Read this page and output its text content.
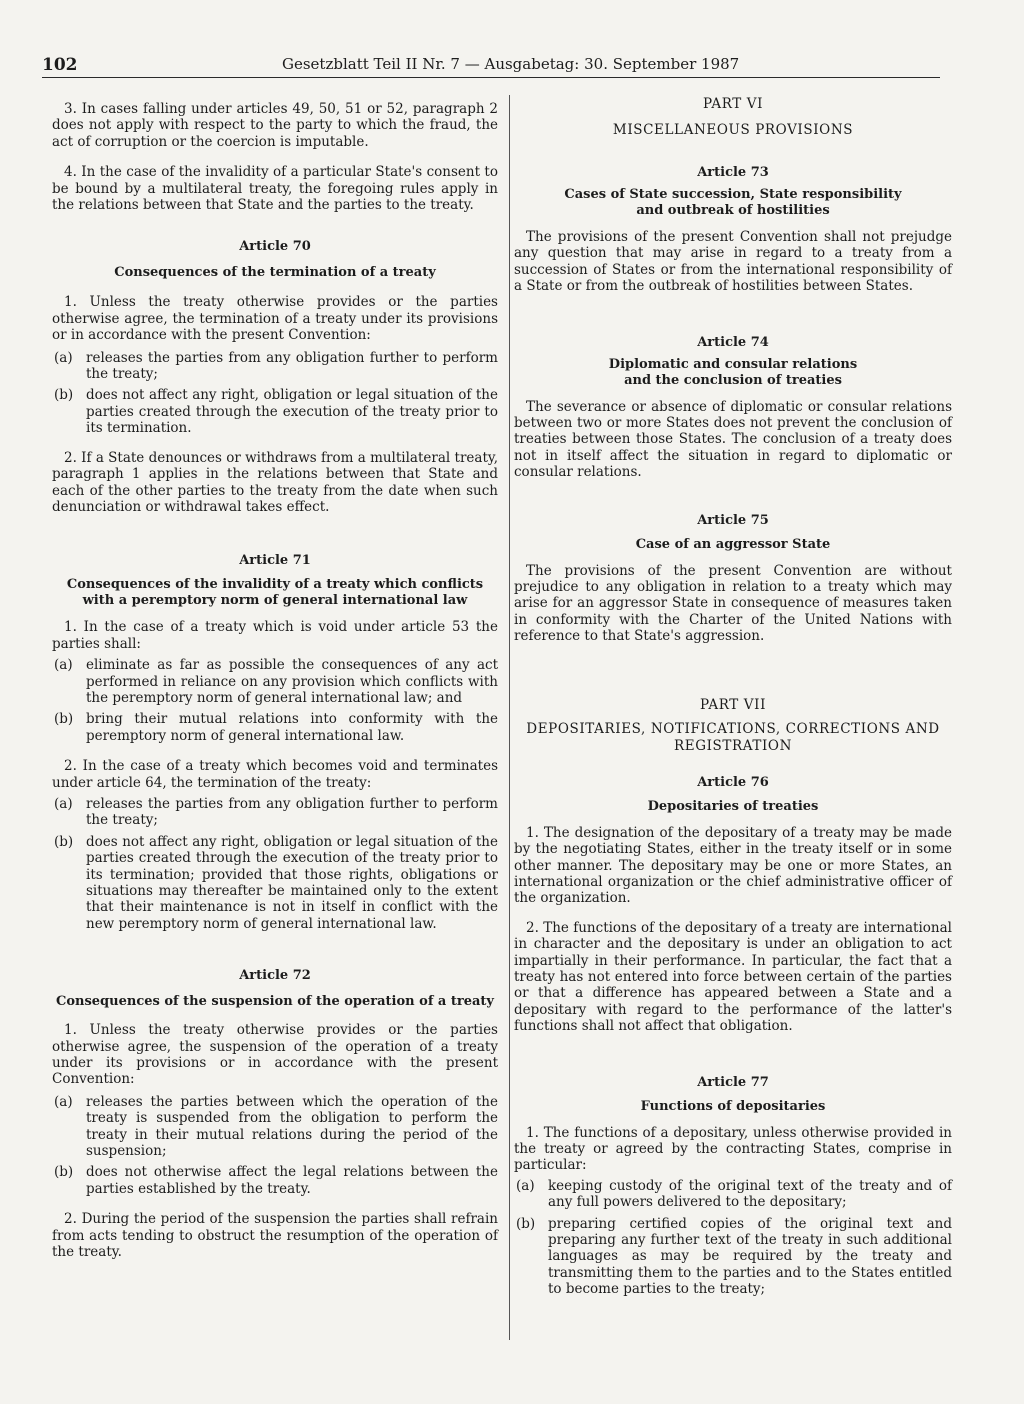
102	Gesetzblatt Teil II Nr. 7 — Ausgabetag: 30. September 1987

3. In cases falling under articles 49, 50, 51 or 52, paragraph 2 does not apply with respect to the party to which the fraud, the act of corruption or the coercion is imputable.

4. In the case of the invalidity of a particular State's consent to be bound by a multilateral treaty, the foregoing rules apply in the relations between that State and the parties to the treaty.

Article 70
Consequences of the termination of a treaty

1. Unless the treaty otherwise provides or the parties otherwise agree, the termination of a treaty under its provisions or in accordance with the present Convention:

(a) releases the parties from any obligation further to perform the treaty;

(b) does not affect any right, obligation or legal situation of the parties created through the execution of the treaty prior to its termination.

2. If a State denounces or withdraws from a multilateral treaty, paragraph 1 applies in the relations between that State and each of the other parties to the treaty from the date when such denunciation or withdrawal takes effect.

Article 71
Consequences of the invalidity of a treaty which conflicts
with a peremptory norm of general international law

1. In the case of a treaty which is void under article 53 the parties shall:

(a) eliminate as far as possible the consequences of any act performed in reliance on any provision which conflicts with the peremptory norm of general international law; and

(b) bring their mutual relations into conformity with the peremptory norm of general international law.

2. In the case of a treaty which becomes void and terminates under article 64, the termination of the treaty:

(a) releases the parties from any obligation further to perform the treaty;

(b) does not affect any right, obligation or legal situation of the parties created through the execution of the treaty prior to its termination; provided that those rights, obligations or situations may thereafter be maintained only to the extent that their maintenance is not in itself in conflict with the new peremptory norm of general international law.

Article 72
Consequences of the suspension of the operation of a treaty

1. Unless the treaty otherwise provides or the parties otherwise agree, the suspension of the operation of a treaty under its provisions or in accordance with the present Convention:

(a) releases the parties between which the operation of the treaty is suspended from the obligation to perform the treaty in their mutual relations during the period of the suspension;

(b) does not otherwise affect the legal relations between the parties established by the treaty.

2. During the period of the suspension the parties shall refrain from acts tending to obstruct the resumption of the operation of the treaty.

PART VI
MISCELLANEOUS PROVISIONS
Article 73
Cases of State succession, State responsibility
and outbreak of hostilities

The provisions of the present Convention shall not prejudge any question that may arise in regard to a treaty from a succession of States or from the international responsibility of a State or from the outbreak of hostilities between States.

Article 74
Diplomatic and consular relations
and the conclusion of treaties

The severance or absence of diplomatic or consular relations between two or more States does not prevent the conclusion of treaties between those States. The conclusion of a treaty does not in itself affect the situation in regard to diplomatic or consular relations.

Article 75
Case of an aggressor State

The provisions of the present Convention are without prejudice to any obligation in relation to a treaty which may arise for an aggressor State in consequence of measures taken in conformity with the Charter of the United Nations with reference to that State's aggression.

PART VII
DEPOSITARIES, NOTIFICATIONS, CORRECTIONS AND REGISTRATION
Article 76
Depositaries of treaties

1. The designation of the depositary of a treaty may be made by the negotiating States, either in the treaty itself or in some other manner. The depositary may be one or more States, an international organization or the chief administrative officer of the organization.

2. The functions of the depositary of a treaty are international in character and the depositary is under an obligation to act impartially in their performance. In particular, the fact that a treaty has not entered into force between certain of the parties or that a difference has appeared between a State and a depositary with regard to the performance of the latter's functions shall not affect that obligation.

Article 77
Functions of depositaries

1. The functions of a depositary, unless otherwise provided in the treaty or agreed by the contracting States, comprise in particular:

(a) keeping custody of the original text of the treaty and of any full powers delivered to the depositary;

(b) preparing certified copies of the original text and preparing any further text of the treaty in such additional languages as may be required by the treaty and transmitting them to the parties and to the States entitled to become parties to the treaty;
